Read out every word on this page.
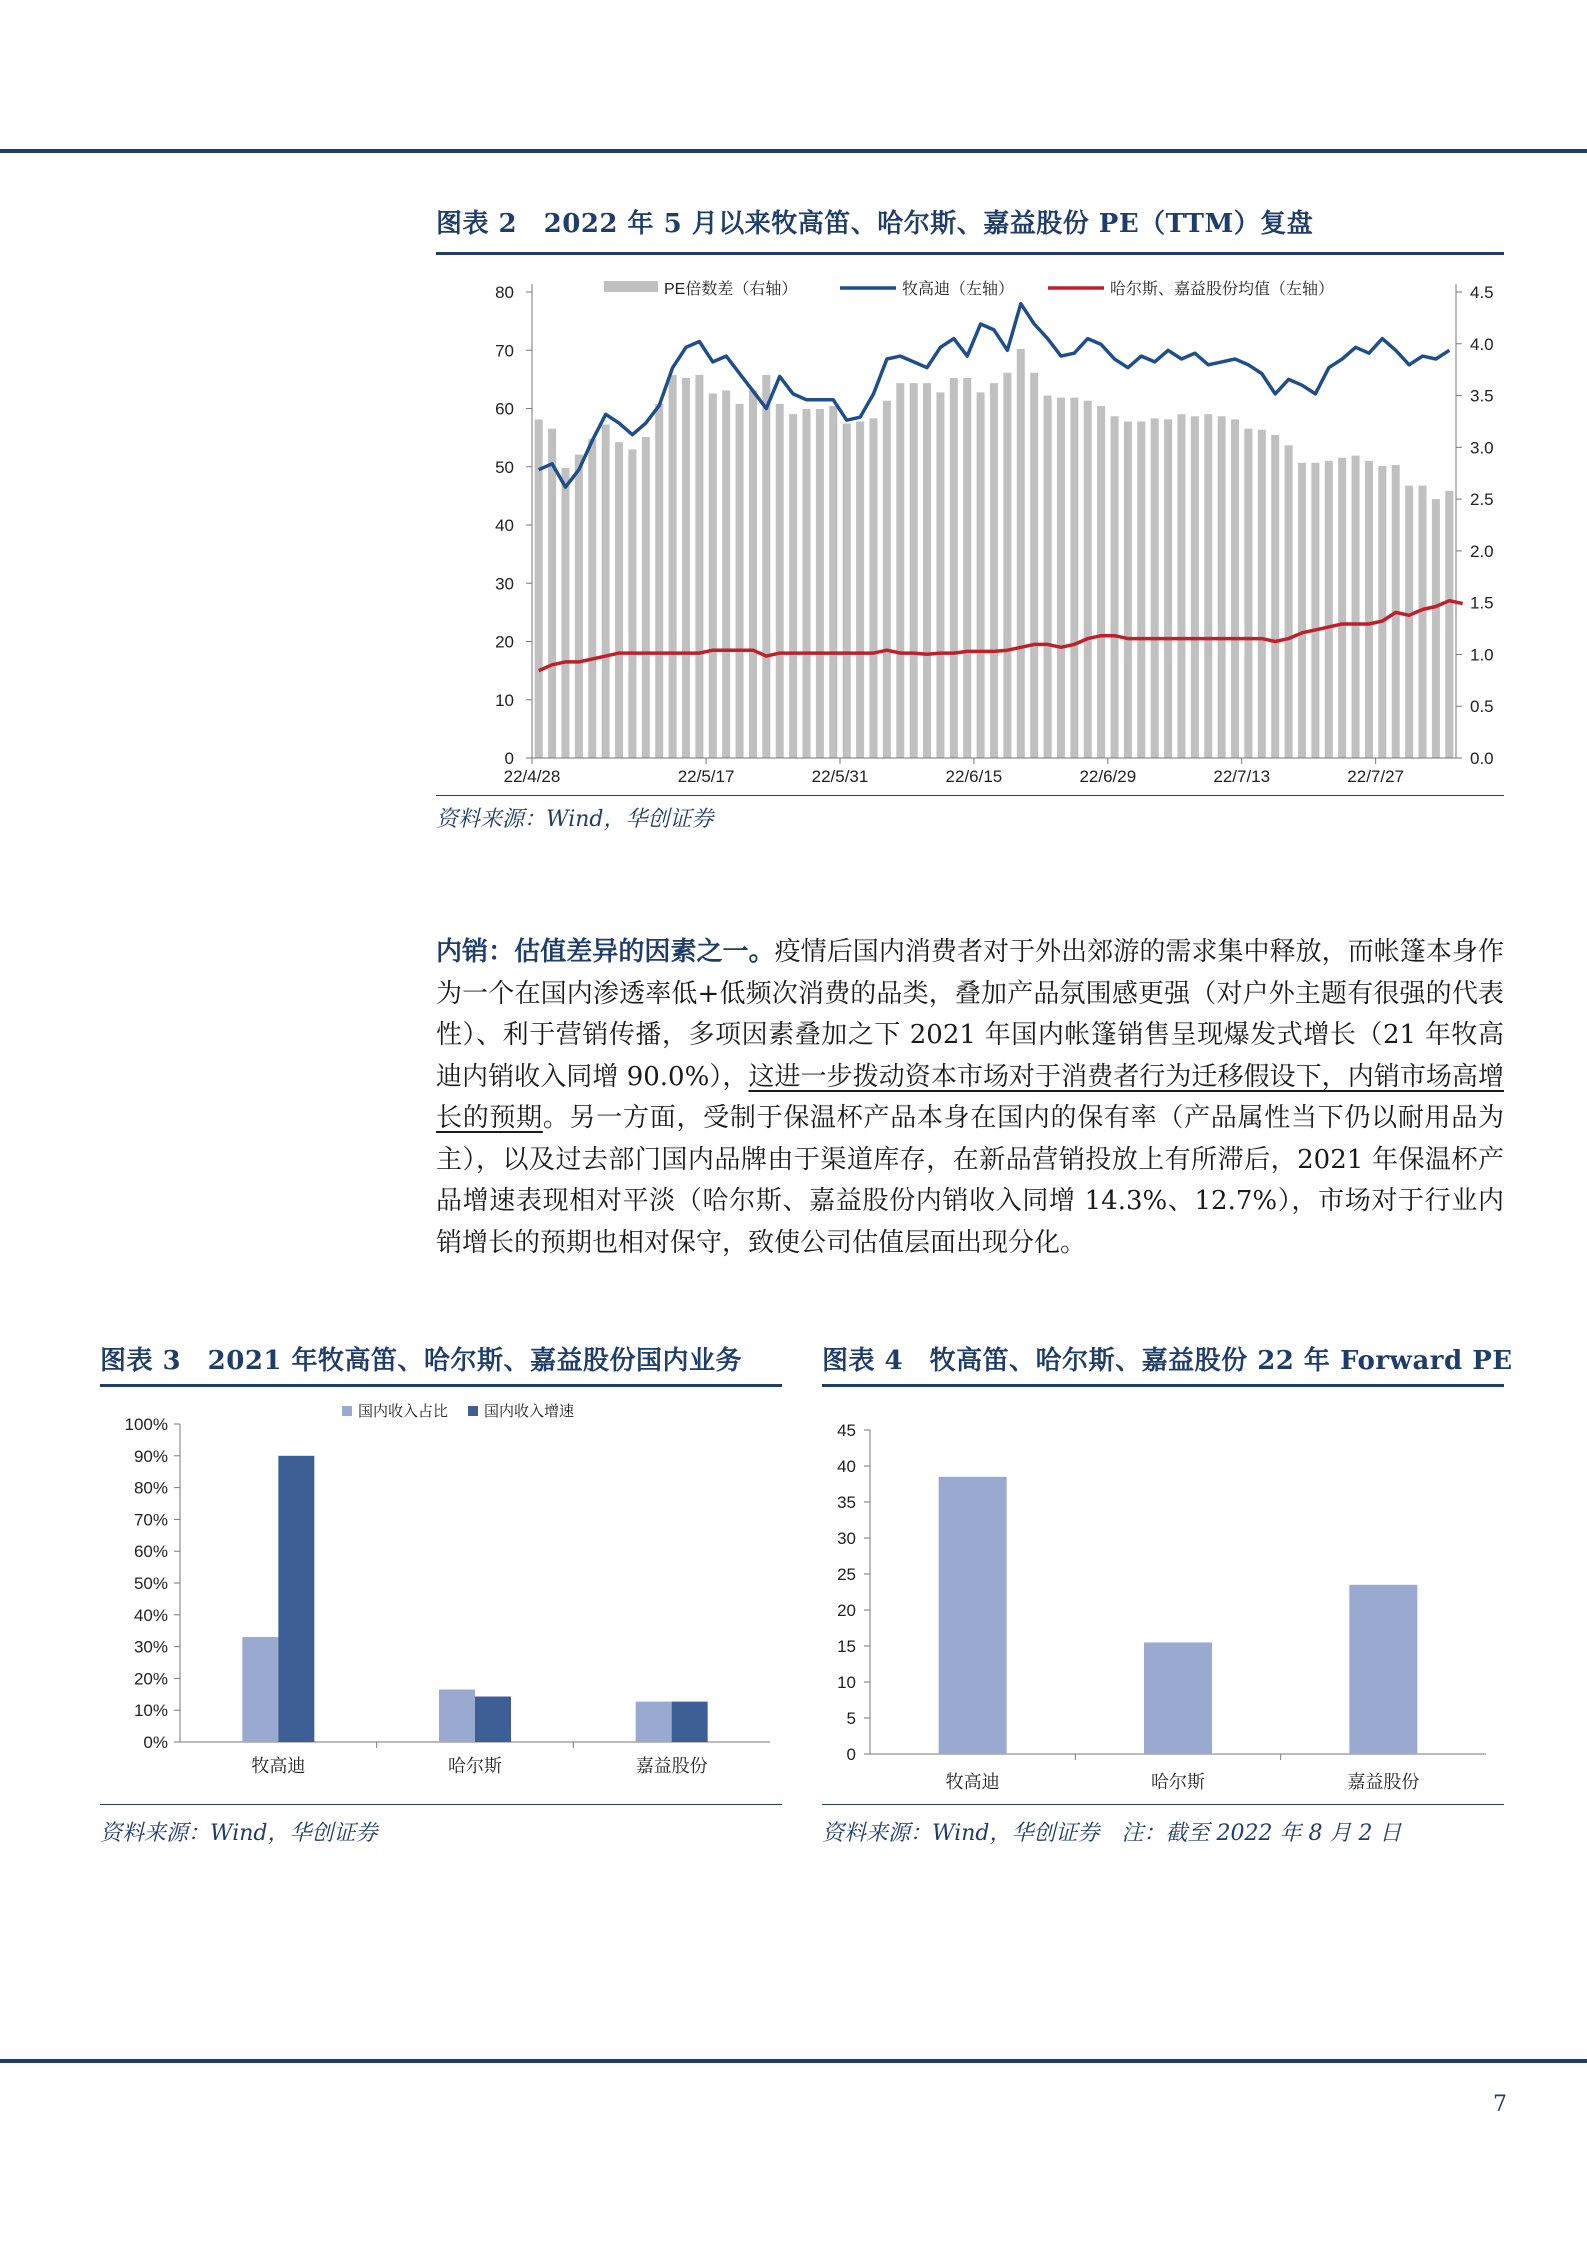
图表 2　2022 年 5 月以来牧高笛、哈尔斯、嘉益股份 PE（TTM）复盘
0
10
20
30
40
50
60
70
80
0.0
0.5
1.0
1.5
2.0
2.5
3.0
3.5
4.0
4.5
22/4/28	22/5/17	22/5/31	22/6/15	22/6/29	22/7/13	22/7/27
PE倍数差（右轴）	牧高迪（左轴）	哈尔斯、嘉益股份均值（左轴）
资料来源：Wind，华创证券
内销：估值差异的因素之一。疫情后国内消费者对于外出郊游的需求集中释放，而帐篷本身作为一个在国内渗透率低+低频次消费的品类，叠加产品氛围感更强（对户外主题有很强的代表性）、利于营销传播，多项因素叠加之下 2021 年国内帐篷销售呈现爆发式增长（21 年牧高迪内销收入同增 90.0%），这进一步拨动资本市场对于消费者行为迁移假设下，内销市场高增长的预期。另一方面，受制于保温杯产品本身在国内的保有率（产品属性当下仍以耐用品为主），以及过去部门国内品牌由于渠道库存，在新品营销投放上有所滞后，2021 年保温杯产品增速表现相对平淡（哈尔斯、嘉益股份内销收入同增 14.3%、12.7%），市场对于行业内销增长的预期也相对保守，致使公司估值层面出现分化。
图表 3　2021 年牧高笛、哈尔斯、嘉益股份国内业务
0%
10%
20%
30%
40%
50%
60%
70%
80%
90%
100%
牧高迪	哈尔斯	嘉益股份
国内收入占比 国内收入增速
资料来源：Wind，华创证券
图表 4　牧高笛、哈尔斯、嘉益股份 22 年 Forward PE
0
5
10
15
20
25
30
35
40
45
牧高迪	哈尔斯	嘉益股份
资料来源：Wind，华创证券　注：截至 2022 年 8 月 2 日
7
